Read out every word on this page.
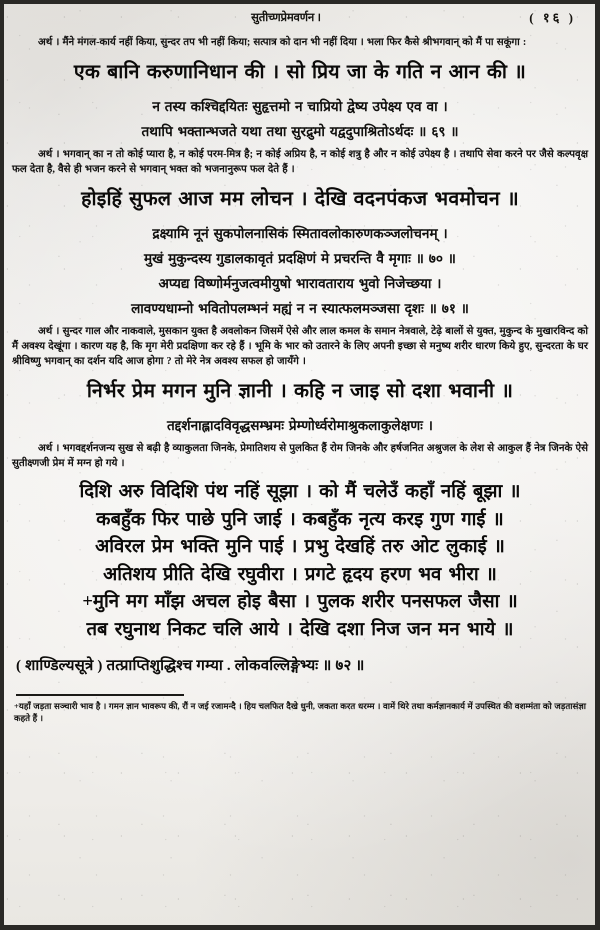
सुतीच्णप्रेमवर्णन ।	( १६ )

अर्थ । मैंने मंगल-कार्य नहीं किया, सुन्दर तप भी नहीं किया; सत्पात्र को दान भी नहीं दिया । भला फिर कैसे श्रीभगवान् को मैं पा सकूंगा :

एक बानि करुणानिधान की । सो प्रिय जा के गति न आन की ॥
न तस्य कश्चिद्दयितः सुहृत्तमो न चाप्रियो द्वेष्य उपेक्ष्य एव वा ।
तथापि भक्तान्भजते यथा तथा सुरद्रुमो यद्वदुपाश्रितोऽर्थदः ॥ ६९ ॥

अर्थ । भगवान् का न तो कोई प्यारा है, न कोई परम-मित्र है; न कोई अप्रिय है, न कोई शत्रु है और न कोई उपेक्ष्य है । तथापि सेवा करने पर जैसे कल्पवृक्ष फल देता है, वैसे ही भजन करने से भगवान् भक्त को भजनानुरूप फल देते हैं ।

होइहिं सुफल आज मम लोचन । देखि वदनपंकज भवमोचन ॥
द्रक्ष्यामि नूनं सुकपोलनासिकं स्मितावलोकारुणकञ्जलोचनम् ।
मुखं मुकुन्दस्य गुडालकावृतं प्रदक्षिणं मे प्रचरन्ति वै मृगाः ॥ ७० ॥
अप्यद्य विष्णोर्मनुजत्वमीयुषो भारावताराय भुवो निजेच्छया ।
लावण्यधाम्नो भवितोपलम्भनं मह्यं न न स्यात्फलमञ्जसा दृशः ॥ ७१ ॥

अर्थ । सुन्दर गाल और नाकवाले, मुसकान युक्त है अवलोकन जिसमें ऐसे और लाल कमल के समान नेत्रवाले, टेढ़े बालों से युक्त, मुकुन्द के मुखारविन्द को मैं अवश्य देखूंगा । कारण यह है, कि मृग मेरी प्रदक्षिणा कर रहे हैं । भूमि के भार को उतारने के लिए अपनी इच्छा से मनुष्य शरीर धारण किये हुए, सुन्दरता के घर श्रीविष्णु भगवान् का दर्शन यदि आज होगा ? तो मेरे नेत्र अवश्य सफल हो जायँगे ।

निर्भर प्रेम मगन मुनि ज्ञानी । कहि न जाइ सो दशा भवानी ॥
तद्दर्शनाह्लादविवृद्धसम्भ्रमः प्रेम्णोर्ध्वरोमाश्रुकलाकुलेक्षणः ।

अर्थ । भगवद्दर्शनजन्य सुख से बढ़ी है व्याकुलता जिनके, प्रेमातिशय से पुलकित हैं रोम जिनके और हर्षजनित अश्रुजल के लेश से आकुल हैं नेत्र जिनके ऐसे सुतीक्ष्णजी प्रेम में मग्न हो गये ।

दिशि अरु विदिशि पंथ नहिं सूझा । को मैं चलेउँ कहाँ नहिं बूझा ॥
कबहुँक फिर पाछे पुनि जाई । कबहुँक नृत्य करइ गुण गाई ॥
अविरल प्रेम भक्ति मुनि पाई । प्रभु देखहिं तरु ओट लुकाई ॥
अतिशय प्रीति देखि रघुवीरा । प्रगटे हृदय हरण भव भीरा ॥
+मुनि मग माँझ अचल होइ बैसा । पुलक शरीर पनसफल जैसा ॥
तब रघुनाथ निकट चलि आये । देखि दशा निज जन मन भाये ॥
( शाण्डिल्यसूत्रे ) तत्प्राप्तिशुद्धिश्च गम्या . लोकवल्लिङ्गेभ्यः ॥ ७२ ॥

+यहाँ जड़ता सञ्चारी भाव है । गमन ज्ञान भावरूप की, रौं न जई रजामन्दै । हिय चलफित दैखे धुनी, जकता करत धरम्म । वामें थिरे तथा कर्मज्ञानकार्य में उपस्थित की वशम्मंता को जड़तासंज्ञा कहते हैं ।
